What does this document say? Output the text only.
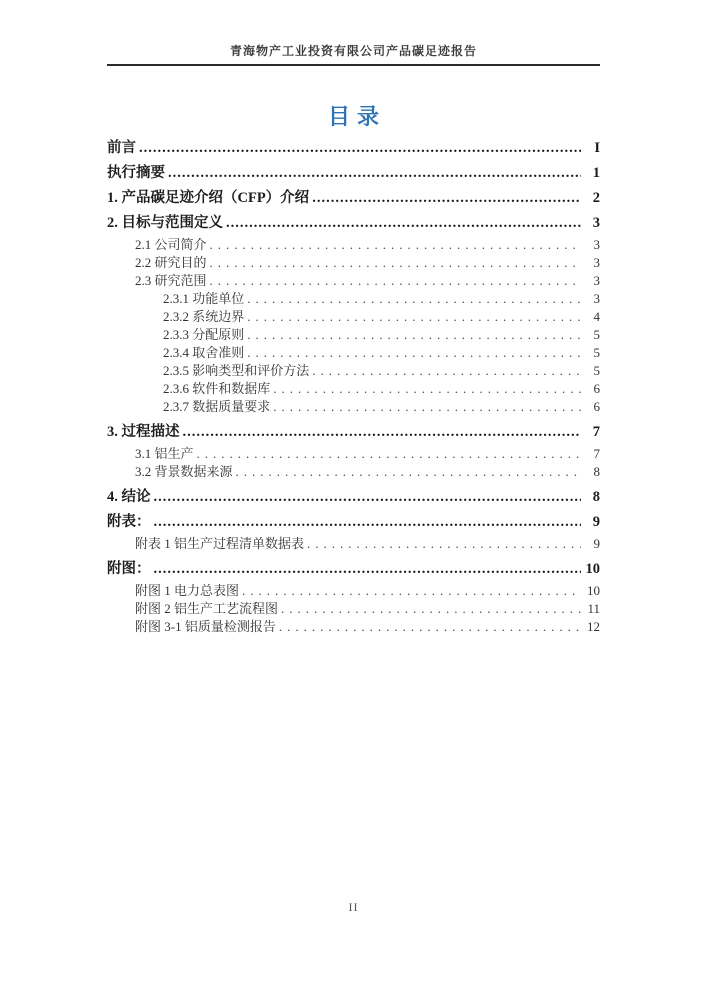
青海物产工业投资有限公司产品碳足迹报告
目录
前言 .....	I
执行摘要 .....	1
1. 产品碳足迹介绍（CFP）介绍 .....	2
2. 目标与范围定义 .....	3
2.1 公司简介 .....	3
2.2 研究目的 .....	3
2.3 研究范围 .....	3
2.3.1 功能单位 .....	3
2.3.2 系统边界 .....	4
2.3.3 分配原则 .....	5
2.3.4 取舍准则 .....	5
2.3.5 影响类型和评价方法 .....	5
2.3.6 软件和数据库 .....	6
2.3.7 数据质量要求 .....	6
3. 过程描述 .....	7
3.1 铝生产 .....	7
3.2 背景数据来源 .....	8
4. 结论 .....	8
附表： .....	9
附表 1 铝生产过程清单数据表 .....	9
附图： .....	10
附图 1 电力总表图 .....	10
附图 2 铝生产工艺流程图 .....	11
附图 3-1 铝质量检测报告 .....	12
II
